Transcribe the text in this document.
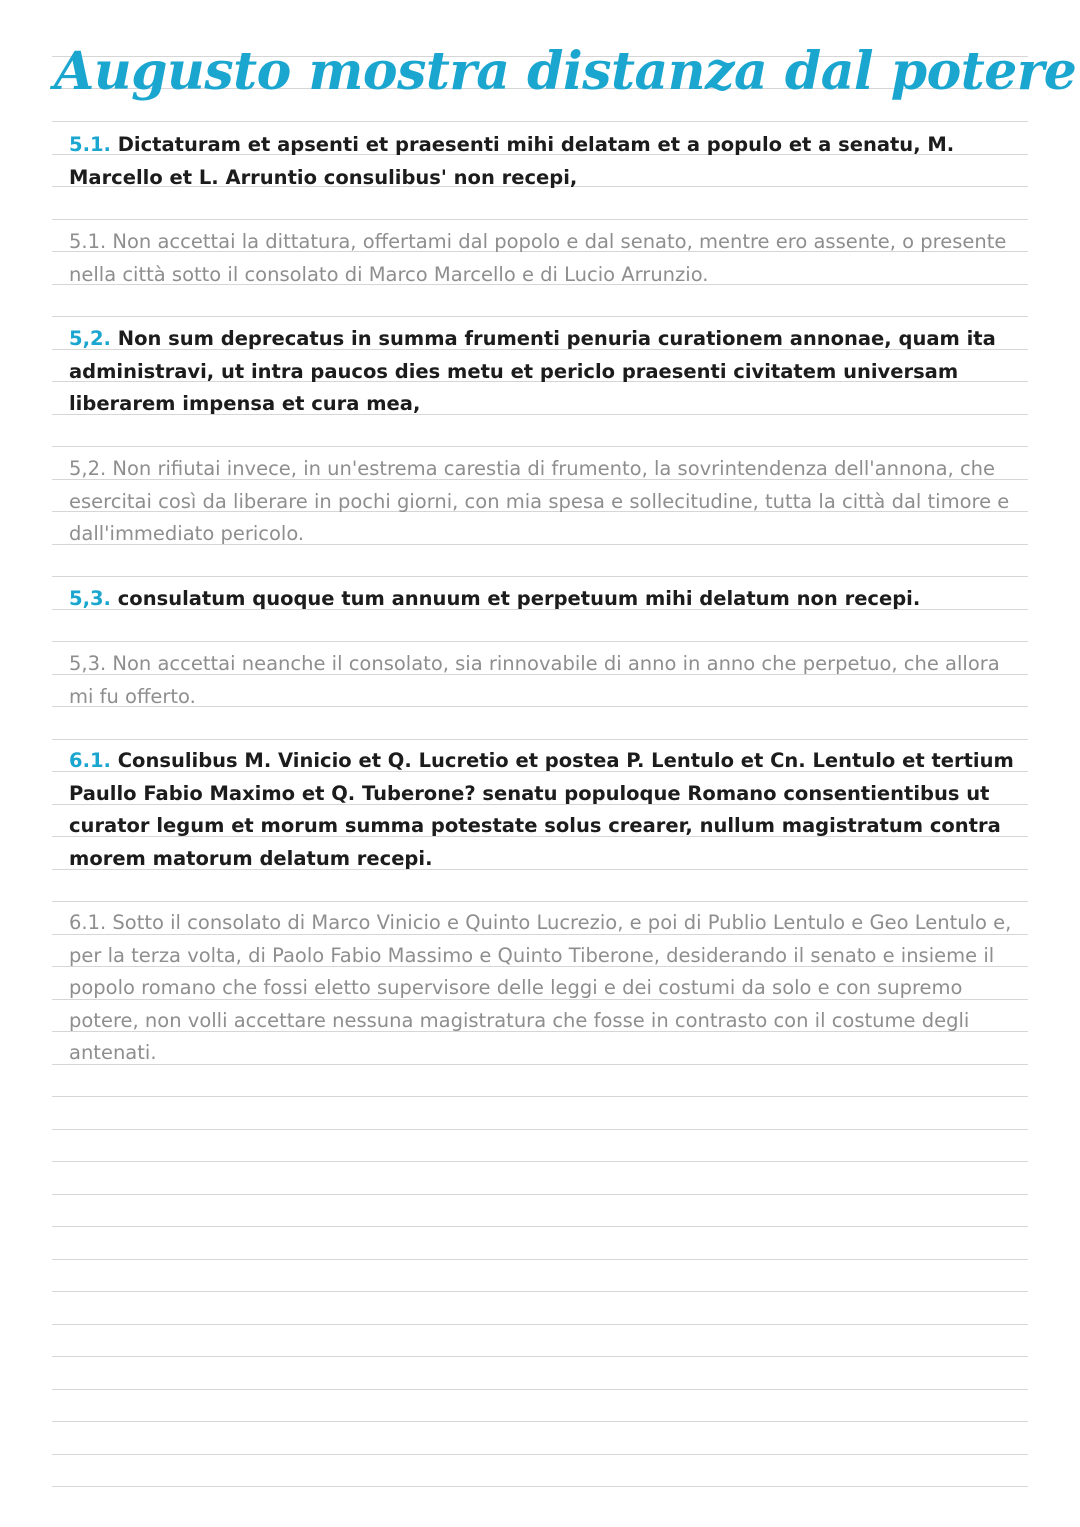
Augusto mostra distanza dal potere

5.1. Dictaturam et apsenti et praesenti mihi delatam et a populo et a senatu, M. Marcello et L. Arruntio consulibus' non recepi,

5.1. Non accettai la dittatura, offertami dal popolo e dal senato, mentre ero assente, o presente nella città sotto il consolato di Marco Marcello e di Lucio Arrunzio.

5,2. Non sum deprecatus in summa frumenti penuria curationem annonae, quam ita administravi, ut intra paucos dies metu et periclo praesenti civitatem universam liberarem impensa et cura mea,

5,2. Non rifiutai invece, in un'estrema carestia di frumento, la sovrintendenza dell'annona, che esercitai così da liberare in pochi giorni, con mia spesa e sollecitudine, tutta la città dal timore e dall'immediato pericolo.

5,3. consulatum quoque tum annuum et perpetuum mihi delatum non recepi.

5,3. Non accettai neanche il consolato, sia rinnovabile di anno in anno che perpetuo, che allora mi fu offerto.

6.1. Consulibus M. Vinicio et Q. Lucretio et postea P. Lentulo et Cn. Lentulo et tertium Paullo Fabio Maximo et Q. Tuberone? senatu populoque Romano consentientibus ut curator legum et morum summa potestate solus crearer, nullum magistratum contra morem matorum delatum recepi.

6.1. Sotto il consolato di Marco Vinicio e Quinto Lucrezio, e poi di Publio Lentulo e Geo Lentulo e, per la terza volta, di Paolo Fabio Massimo e Quinto Tiberone, desiderando il senato e insieme il popolo romano che fossi eletto supervisore delle leggi e dei costumi da solo e con supremo potere, non volli accettare nessuna magistratura che fosse in contrasto con il costume degli antenati.
